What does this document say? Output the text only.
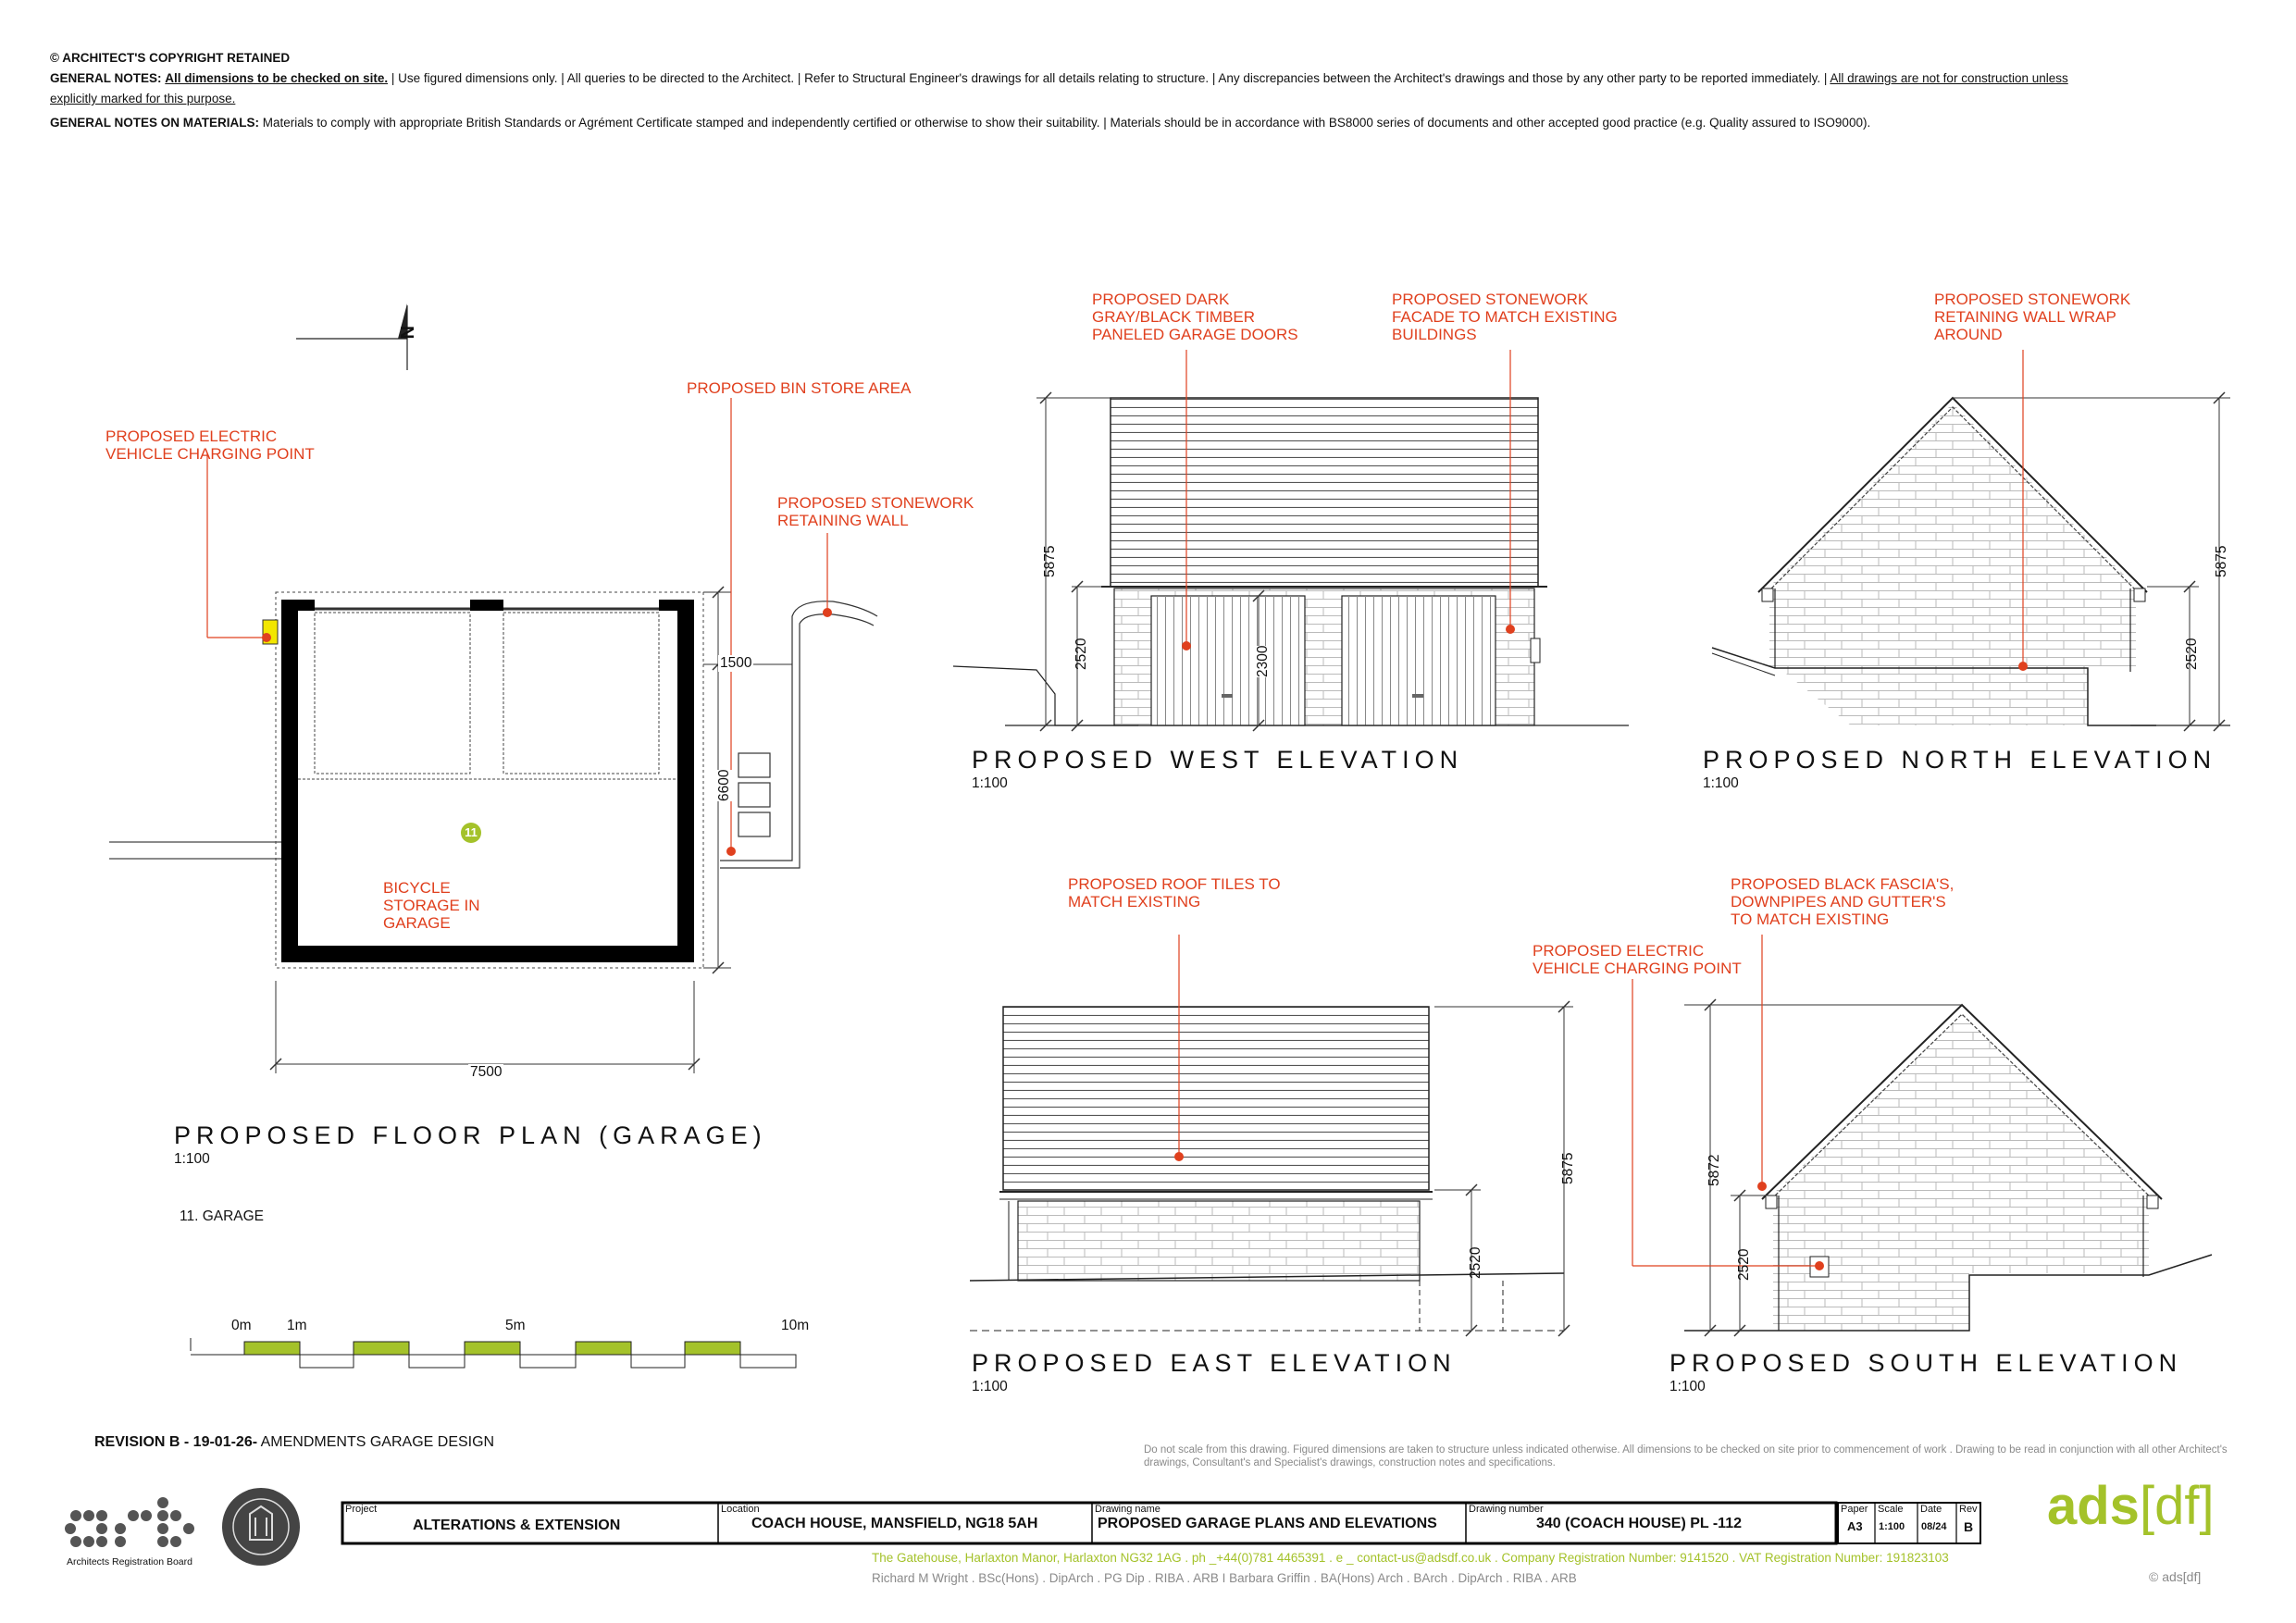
© ARCHITECT'S COPYRIGHT RETAINED
GENERAL NOTES: All dimensions to be checked on site. | Use figured dimensions only. | All queries to be directed to the Architect. | Refer to Structural Engineer's drawings for all details relating to structure. | Any discrepancies between the Architect's drawings and those by any other party to be reported immediately. | All drawings are not for construction unless
explicitly marked for this purpose.
GENERAL NOTES ON MATERIALS: Materials to comply with appropriate British Standards or Agrément Certificate stamped and independently certified or otherwise to show their suitability. | Materials should be in accordance with BS8000 series of documents and other accepted good practice (e.g. Quality assured to ISO9000).
N
PROPOSED ELECTRIC
VEHICLE CHARGING POINT
PROPOSED BIN STORE AREA
PROPOSED STONEWORK
RETAINING WALL
BICYCLE
STORAGE IN
GARAGE
PROPOSED DARK
GRAY/BLACK TIMBER
PANELED GARAGE DOORS
PROPOSED STONEWORK
FACADE TO MATCH EXISTING
BUILDINGS
PROPOSED STONEWORK
RETAINING WALL WRAP
AROUND
PROPOSED ROOF TILES TO
MATCH EXISTING
PROPOSED BLACK FASCIA'S,
DOWNPIPES AND GUTTER'S
TO MATCH EXISTING
PROPOSED ELECTRIC
VEHICLE CHARGING POINT
11
7500
6600
1500
5875
2520	2300
5875
2520
5875
2520
5872
2520
PROPOSED FLOOR PLAN (GARAGE)
1:100
PROPOSED WEST ELEVATION
1:100
PROPOSED NORTH ELEVATION
1:100
PROPOSED EAST ELEVATION
1:100
PROPOSED SOUTH ELEVATION
1:100
11. GARAGE
0m 1m	5m	10m
REVISION B - 19-01-26- AMENDMENTS GARAGE DESIGN	Do not scale from this drawing. Figured dimensions are taken to structure unless indicated otherwise. All dimensions to be checked on site prior to commencement of work . Drawing to be read in conjunction with all other Architect's drawings, Consultant's and Specialist's drawings, construction notes and specifications.
Project
ALTERATIONS & EXTENSION
Location
COACH HOUSE, MANSFIELD, NG18 5AH
Drawing name
PROPOSED GARAGE PLANS AND ELEVATIONS
Drawing number
340 (COACH HOUSE) PL -112
Paper
A3
Scale
1:100
Date
08/24
Rev
B
Architects Registration Board	The Gatehouse, Harlaxton Manor, Harlaxton NG32 1AG . ph _+44(0)781 4465391 . e _ contact-us@adsdf.co.uk . Company Registration Number: 9141520 . VAT Registration Number: 191823103
Richard M Wright . BSc(Hons) . DipArch . PG Dip . RIBA . ARB I Barbara Griffin . BA(Hons) Arch . BArch . DipArch . RIBA . ARB
ads[df]
© ads[df]
